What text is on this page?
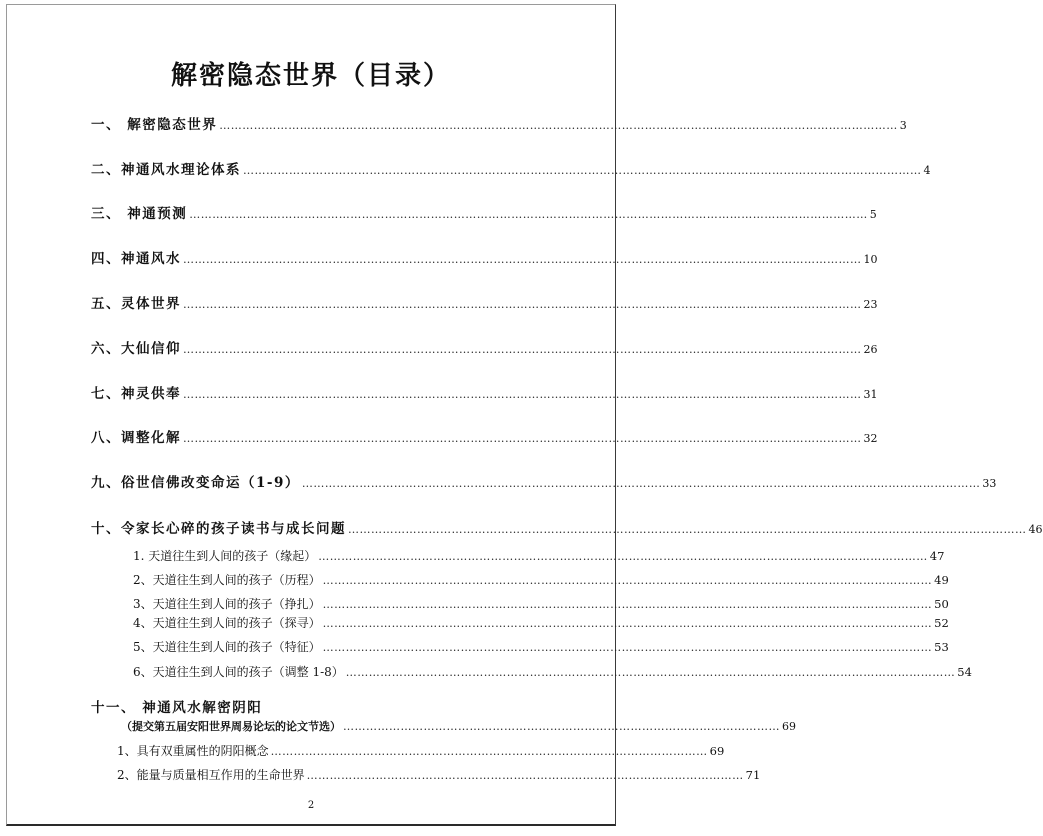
解密隐态世界（目录）
一、 解密隐态世界 …………………………………………………………………………………………………………………………………………………………… 3
二、神通风水理论体系 …………………………………………………………………………………………………………………………………………………………… 4
三、 神通预测 …………………………………………………………………………………………………………………………………………………………… 5
四、神通风水 …………………………………………………………………………………………………………………………………………………………… 10
五、灵体世界 …………………………………………………………………………………………………………………………………………………………… 23
六、大仙信仰 …………………………………………………………………………………………………………………………………………………………… 26
七、神灵供奉 …………………………………………………………………………………………………………………………………………………………… 31
八、调整化解 …………………………………………………………………………………………………………………………………………………………… 32
九、俗世信佛改变命运（1-9） …………………………………………………………………………………………………………………………………………………………… 33
十、令家长心碎的孩子读书与成长问题 …………………………………………………………………………………………………………………………………………………………… 46
1. 天道往生到人间的孩子（缘起） …………………………………………………………………………………………………………………………………………… 47
2、天道往生到人间的孩子（历程） …………………………………………………………………………………………………………………………………………… 49
3、天道往生到人间的孩子（挣扎） …………………………………………………………………………………………………………………………………………… 50
4、天道往生到人间的孩子（探寻） …………………………………………………………………………………………………………………………………………… 52
5、天道往生到人间的孩子（特征） …………………………………………………………………………………………………………………………………………… 53
6、天道往生到人间的孩子（调整 1-8） …………………………………………………………………………………………………………………………………………… 54
十一、 神通风水解密阴阳
（提交第五届安阳世界周易论坛的论文节选） …………………………………………………………………………………………………… 69
1、具有双重属性的阴阳概念 …………………………………………………………………………………………………… 69
2、能量与质量相互作用的生命世界 …………………………………………………………………………………………………… 71
2
